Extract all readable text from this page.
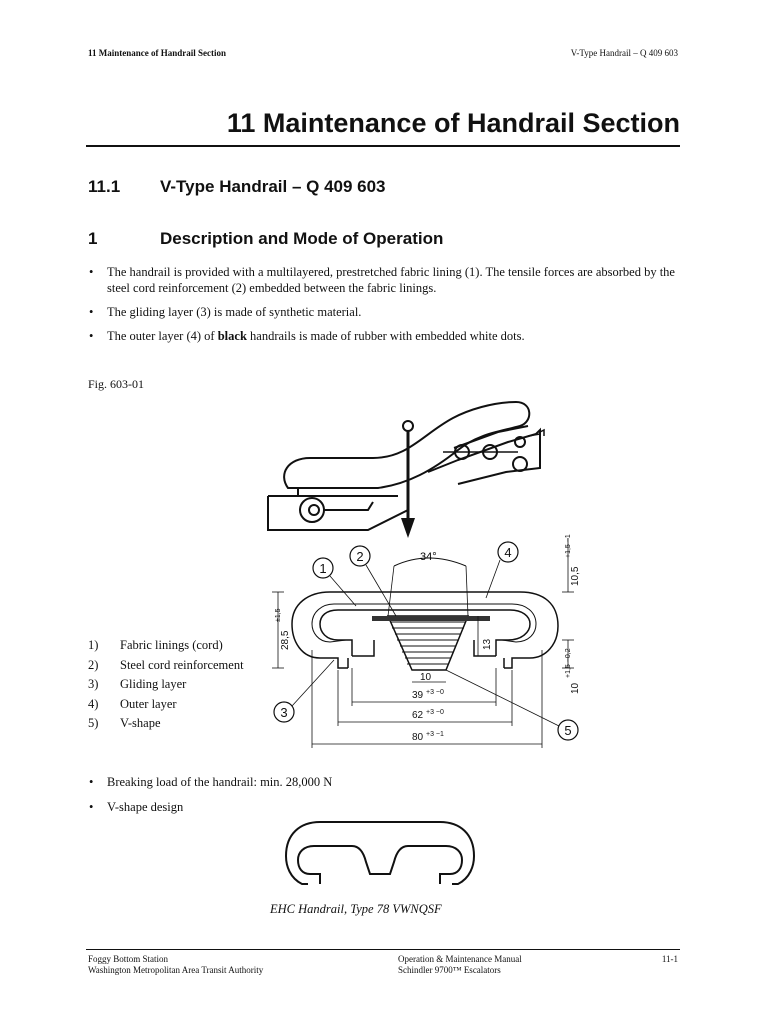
11 Maintenance of Handrail Section	V-Type Handrail – Q 409 603
11 Maintenance of Handrail Section
11.1 V-Type Handrail – Q 409 603
1	Description and Mode of Operation
• The handrail is provided with a multilayered, prestretched fabric lining (1). The tensile forces are absorbed by the steel cord reinforcement (2) embedded between the fabric linings.
• The gliding layer (3) is made of synthetic material.
• The outer layer (4) of black handrails is made of rubber with embedded white dots.
Fig. 603-01
34°
1
2	4
3
5
10,5
+1,5 −1
28,5
±1,5
13
10
+1,5 −0,2
10
39 +3 −0
62 +3 −0
80 +3 −1
1) Fabric linings (cord)
2) Steel cord reinforcement
3) Gliding layer
4) Outer layer
5) V-shape
• Breaking load of the handrail: min. 28,000 N
• V-shape design
EHC Handrail, Type 78 VWNQSF
Foggy Bottom Station
Washington Metropolitan Area Transit Authority
Operation & Maintenance Manual
Schindler 9700™ Escalators
11-1
